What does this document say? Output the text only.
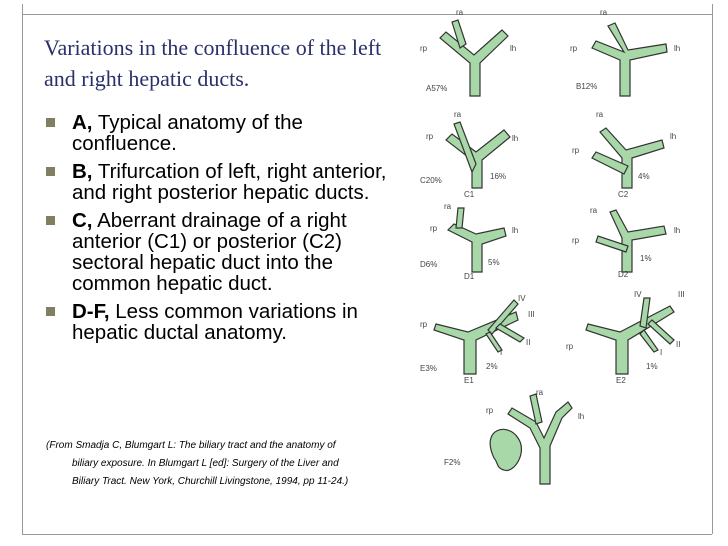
Variations in the confluence of the left and right hepatic ducts.
A, Typical anatomy of the confluence.
B, Trifurcation of left, right anterior, and right posterior hepatic ducts.
C, Aberrant drainage of a right anterior (C1) or posterior (C2) sectoral hepatic duct into the common hepatic duct.
D-F, Less common variations in hepatic ductal anatomy.
(From Smadja C, Blumgart L: The biliary tract and the anatomy of
biliary exposure. In Blumgart L [ed]: Surgery of the Liver and
Biliary Tract. New York, Churchill Livingstone, 1994, pp 11-24.)
ra
rp	lh
A57%
ra
rp	lh
B12%
ra
rp	lh
C20%	16%
C1
ra
rp
lh
4%
C2
ra
rp	lh
D6%	5%
D1
ra
rp
lh
1%
D2
IV
III
II
I
rp
E3%	2%
E1
IV	III
II
I
rp
1%
E2
ra
rp
lh
F2%
